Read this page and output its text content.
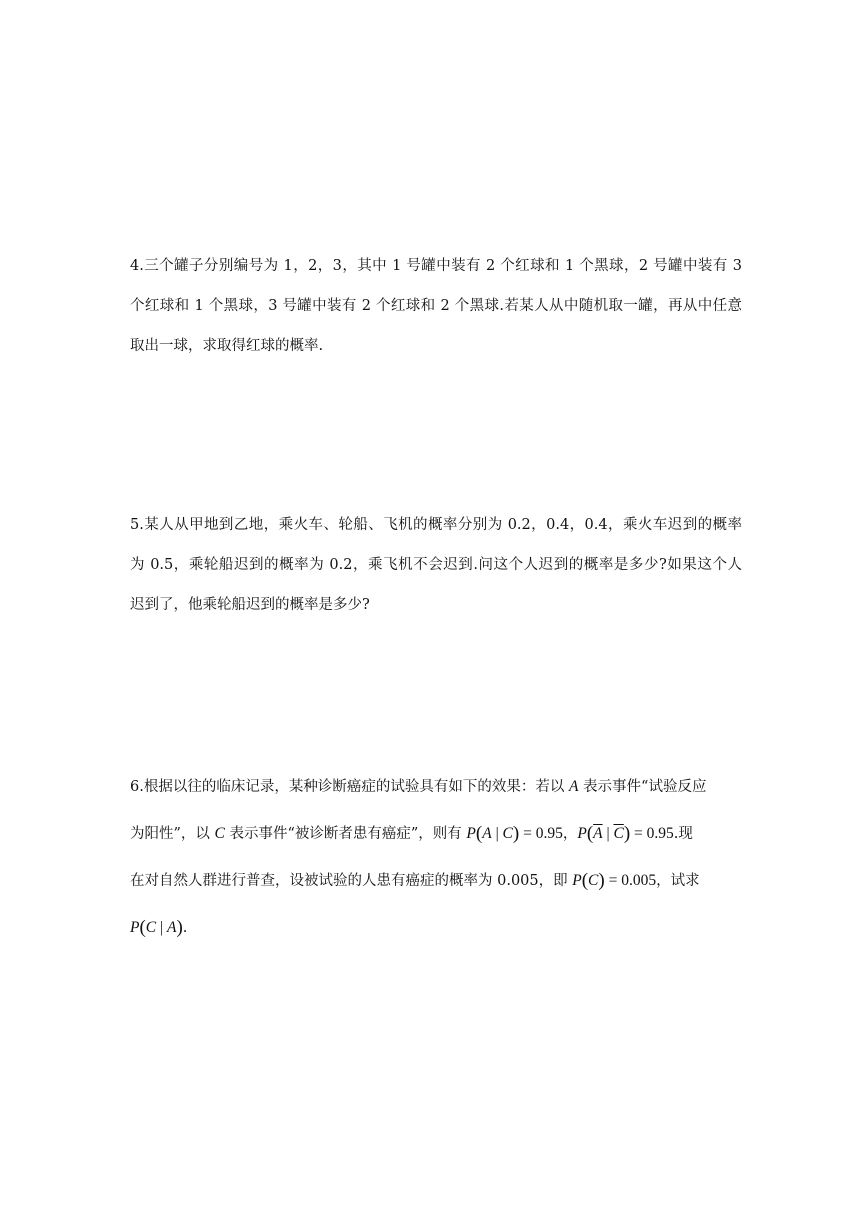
4.三个罐子分别编号为 1，2，3，其中 1 号罐中装有 2 个红球和 1 个黑球，2 号罐中装有 3
个红球和 1 个黑球，3 号罐中装有 2 个红球和 2 个黑球.若某人从中随机取一罐，再从中任意
取出一球，求取得红球的概率.
5.某人从甲地到乙地，乘火车、轮船、飞机的概率分别为 0.2，0.4，0.4，乘火车迟到的概率
为 0.5，乘轮船迟到的概率为 0.2，乘飞机不会迟到.问这个人迟到的概率是多少?如果这个人
迟到了，他乘轮船迟到的概率是多少?
6.根据以往的临床记录，某种诊断癌症的试验具有如下的效果：若以 A 表示事件“试验反应
为阳性”，以 C 表示事件“被诊断者患有癌症”，则有 P(A | C) = 0.95，$P(\overline{A}$ | $\overline{C}) = 0.95$.现
在对自然人群进行普查，设被试验的人患有癌症的概率为 0.005，即 P(C) = 0.005，试求
P(C | A).
